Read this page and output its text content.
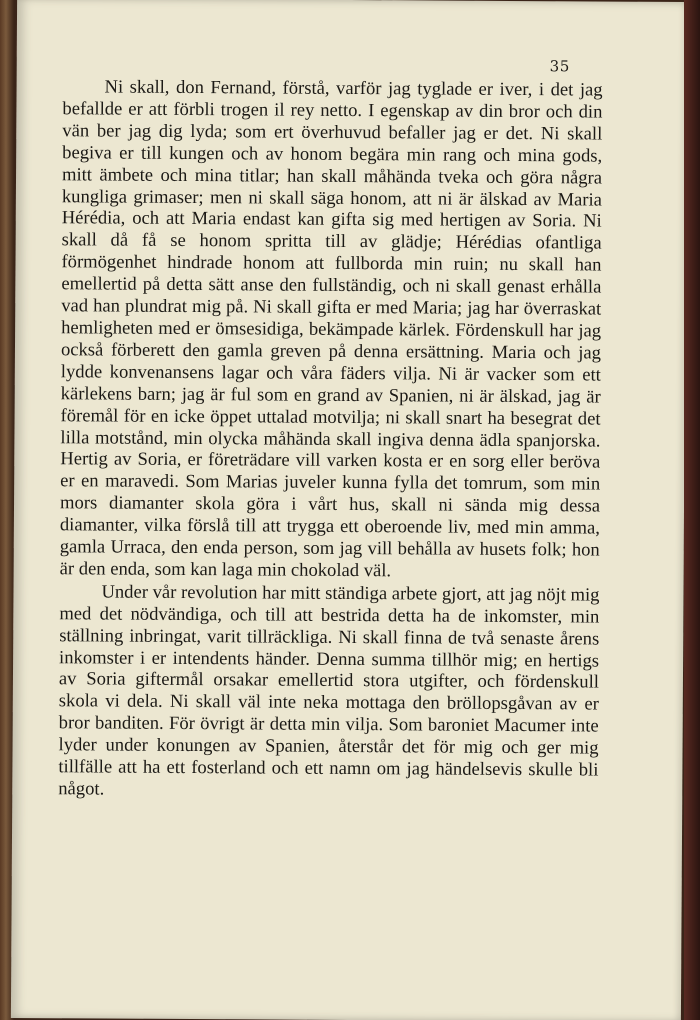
35

Ni skall, don Fernand, förstå, varför jag tyglade er iver, i det jag befallde er att förbli trogen il rey netto. I egenskap av din bror och din vän ber jag dig lyda; som ert överhuvud befaller jag er det. Ni skall begiva er till kungen och av honom begära min rang och mina gods, mitt ämbete och mina titlar; han skall måhända tveka och göra några kungliga grimaser; men ni skall säga honom, att ni är älskad av Maria Hérédia, och att Maria endast kan gifta sig med hertigen av Soria. Ni skall då få se honom spritta till av glädje; Hérédias ofantliga förmögenhet hindrade honom att fullborda min ruin; nu skall han emellertid på detta sätt anse den fullständig, och ni skall genast erhålla vad han plundrat mig på. Ni skall gifta er med Maria; jag har överraskat hemligheten med er ömsesidiga, bekämpade kärlek. Fördenskull har jag också förberett den gamla greven på denna ersättning. Maria och jag lydde konvenansens lagar och våra fäders vilja. Ni är vacker som ett kärlekens barn; jag är ful som en grand av Spanien, ni är älskad, jag är föremål för en icke öppet uttalad motvilja; ni skall snart ha besegrat det lilla motstånd, min olycka måhända skall ingiva denna ädla spanjorska. Hertig av Soria, er företrädare vill varken kosta er en sorg eller beröva er en maravedi. Som Marias juveler kunna fylla det tomrum, som min mors diamanter skola göra i vårt hus, skall ni sända mig dessa diamanter, vilka förslå till att trygga ett oberoende liv, med min amma, gamla Urraca, den enda person, som jag vill behålla av husets folk; hon är den enda, som kan laga min chokolad väl.

Under vår revolution har mitt ständiga arbete gjort, att jag nöjt mig med det nödvändiga, och till att bestrida detta ha de inkomster, min ställning inbringat, varit tillräckliga. Ni skall finna de två senaste årens inkomster i er intendents händer. Denna summa tillhör mig; en hertigs av Soria giftermål orsakar emellertid stora utgifter, och fördenskull skola vi dela. Ni skall väl inte neka mottaga den bröllopsgåvan av er bror banditen. För övrigt är detta min vilja. Som baroniet Macumer inte lyder under konungen av Spanien, återstår det för mig och ger mig tillfälle att ha ett fosterland och ett namn om jag händelsevis skulle bli något.
